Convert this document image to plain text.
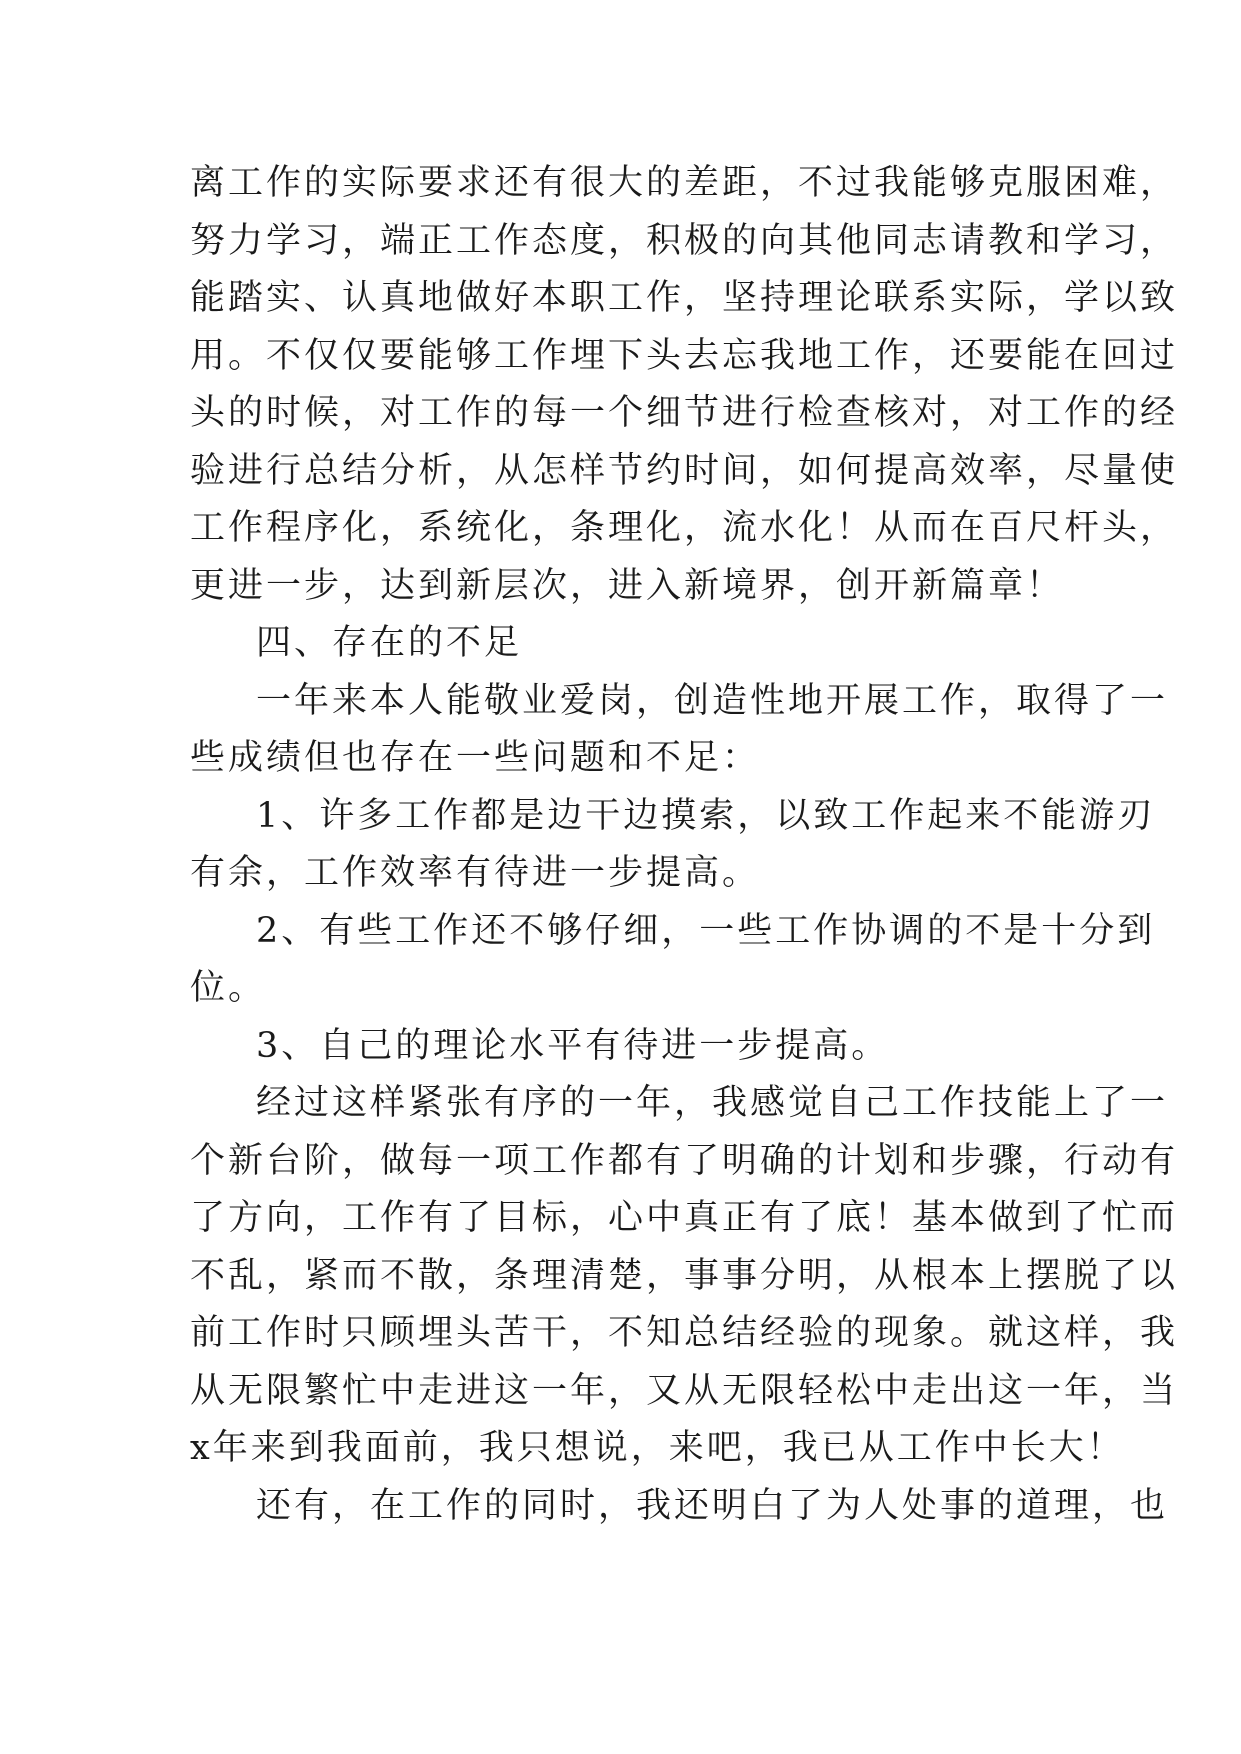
离工作的实际要求还有很大的差距，不过我能够克服困难，
努力学习，端正工作态度，积极的向其他同志请教和学习，
能踏实、认真地做好本职工作，坚持理论联系实际，学以致
用。不仅仅要能够工作埋下头去忘我地工作，还要能在回过
头的时候，对工作的每一个细节进行检查核对，对工作的经
验进行总结分析，从怎样节约时间，如何提高效率，尽量使
工作程序化，系统化，条理化，流水化！从而在百尺杆头，
更进一步，达到新层次，进入新境界，创开新篇章！
四、存在的不足
一年来本人能敬业爱岗，创造性地开展工作，取得了一
些成绩但也存在一些问题和不足：
1、许多工作都是边干边摸索，以致工作起来不能游刃
有余，工作效率有待进一步提高。
2、有些工作还不够仔细，一些工作协调的不是十分到
位。
3、自己的理论水平有待进一步提高。
经过这样紧张有序的一年，我感觉自己工作技能上了一
个新台阶，做每一项工作都有了明确的计划和步骤，行动有
了方向，工作有了目标，心中真正有了底！基本做到了忙而
不乱，紧而不散，条理清楚，事事分明，从根本上摆脱了以
前工作时只顾埋头苦干，不知总结经验的现象。就这样，我
从无限繁忙中走进这一年，又从无限轻松中走出这一年，当
x年来到我面前，我只想说，来吧，我已从工作中长大！
还有，在工作的同时，我还明白了为人处事的道理，也
